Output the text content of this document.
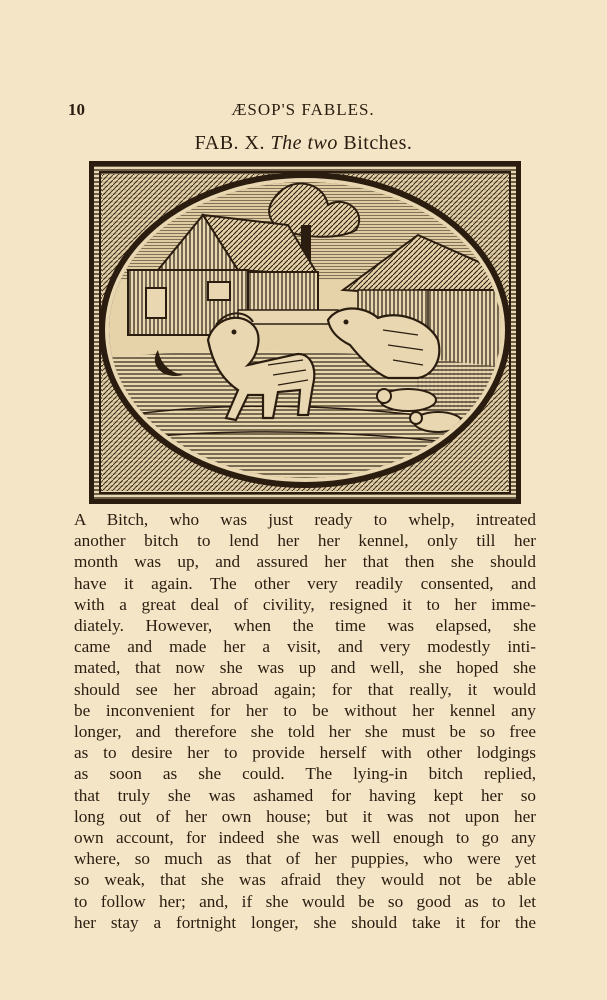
10	ÆSOP'S FABLES.
FAB. X. The two Bitches.
A Bitch, who was just ready to whelp, intreated
another bitch to lend her her kennel, only till her
month was up, and assured her that then she should
have it again. The other very readily consented, and
with a great deal of civility, resigned it to her imme-
diately. However, when the time was elapsed, she
came and made her a visit, and very modestly inti-
mated, that now she was up and well, she hoped she
should see her abroad again; for that really, it would
be inconvenient for her to be without her kennel any
longer, and therefore she told her she must be so free
as to desire her to provide herself with other lodgings
as soon as she could. The lying-in bitch replied,
that truly she was ashamed for having kept her so
long out of her own house; but it was not upon her
own account, for indeed she was well enough to go any
where, so much as that of her puppies, who were yet
so weak, that she was afraid they would not be able
to follow her; and, if she would be so good as to let
her stay a fortnight longer, she should take it for the
